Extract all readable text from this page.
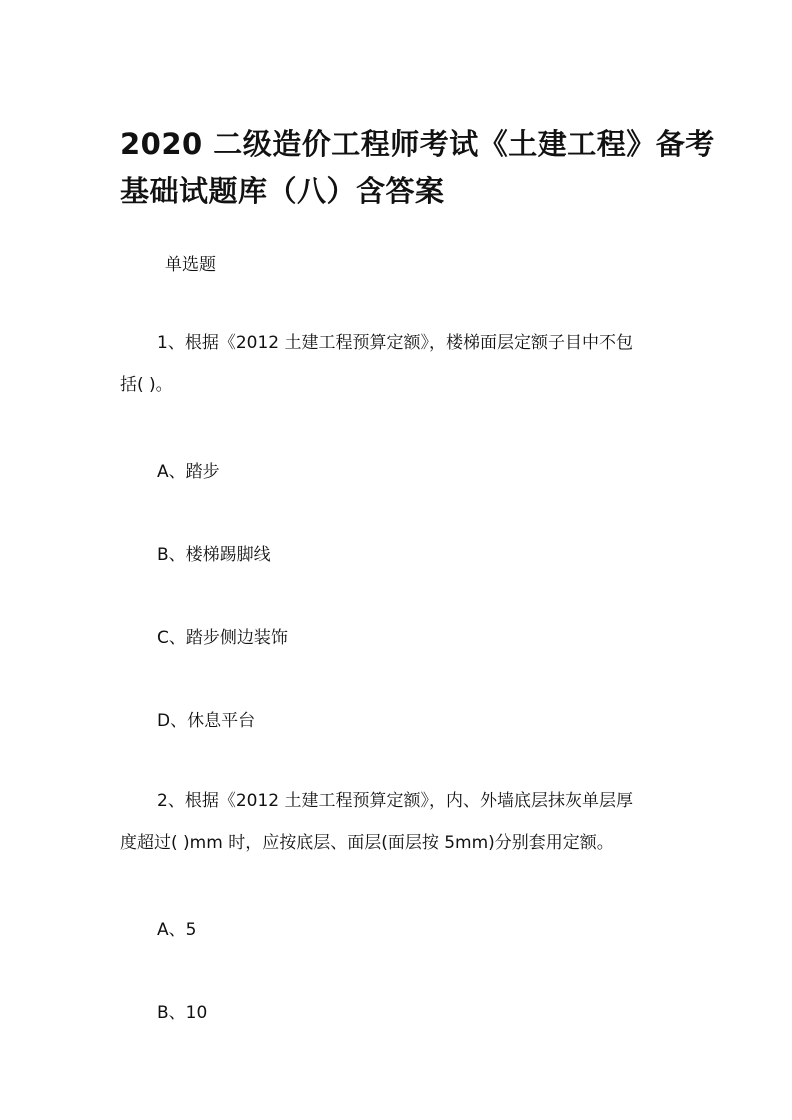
2020 二级造价工程师考试《土建工程》备考
基础试题库（八）含答案
单选题
1、根据《2012 土建工程预算定额》，楼梯面层定额子目中不包
括( )。
A、踏步
B、楼梯踢脚线
C、踏步侧边装饰
D、休息平台
2、根据《2012 土建工程预算定额》，内、外墙底层抹灰单层厚
度超过( )mm 时，应按底层、面层(面层按 5mm)分别套用定额。
A、5
B、10
